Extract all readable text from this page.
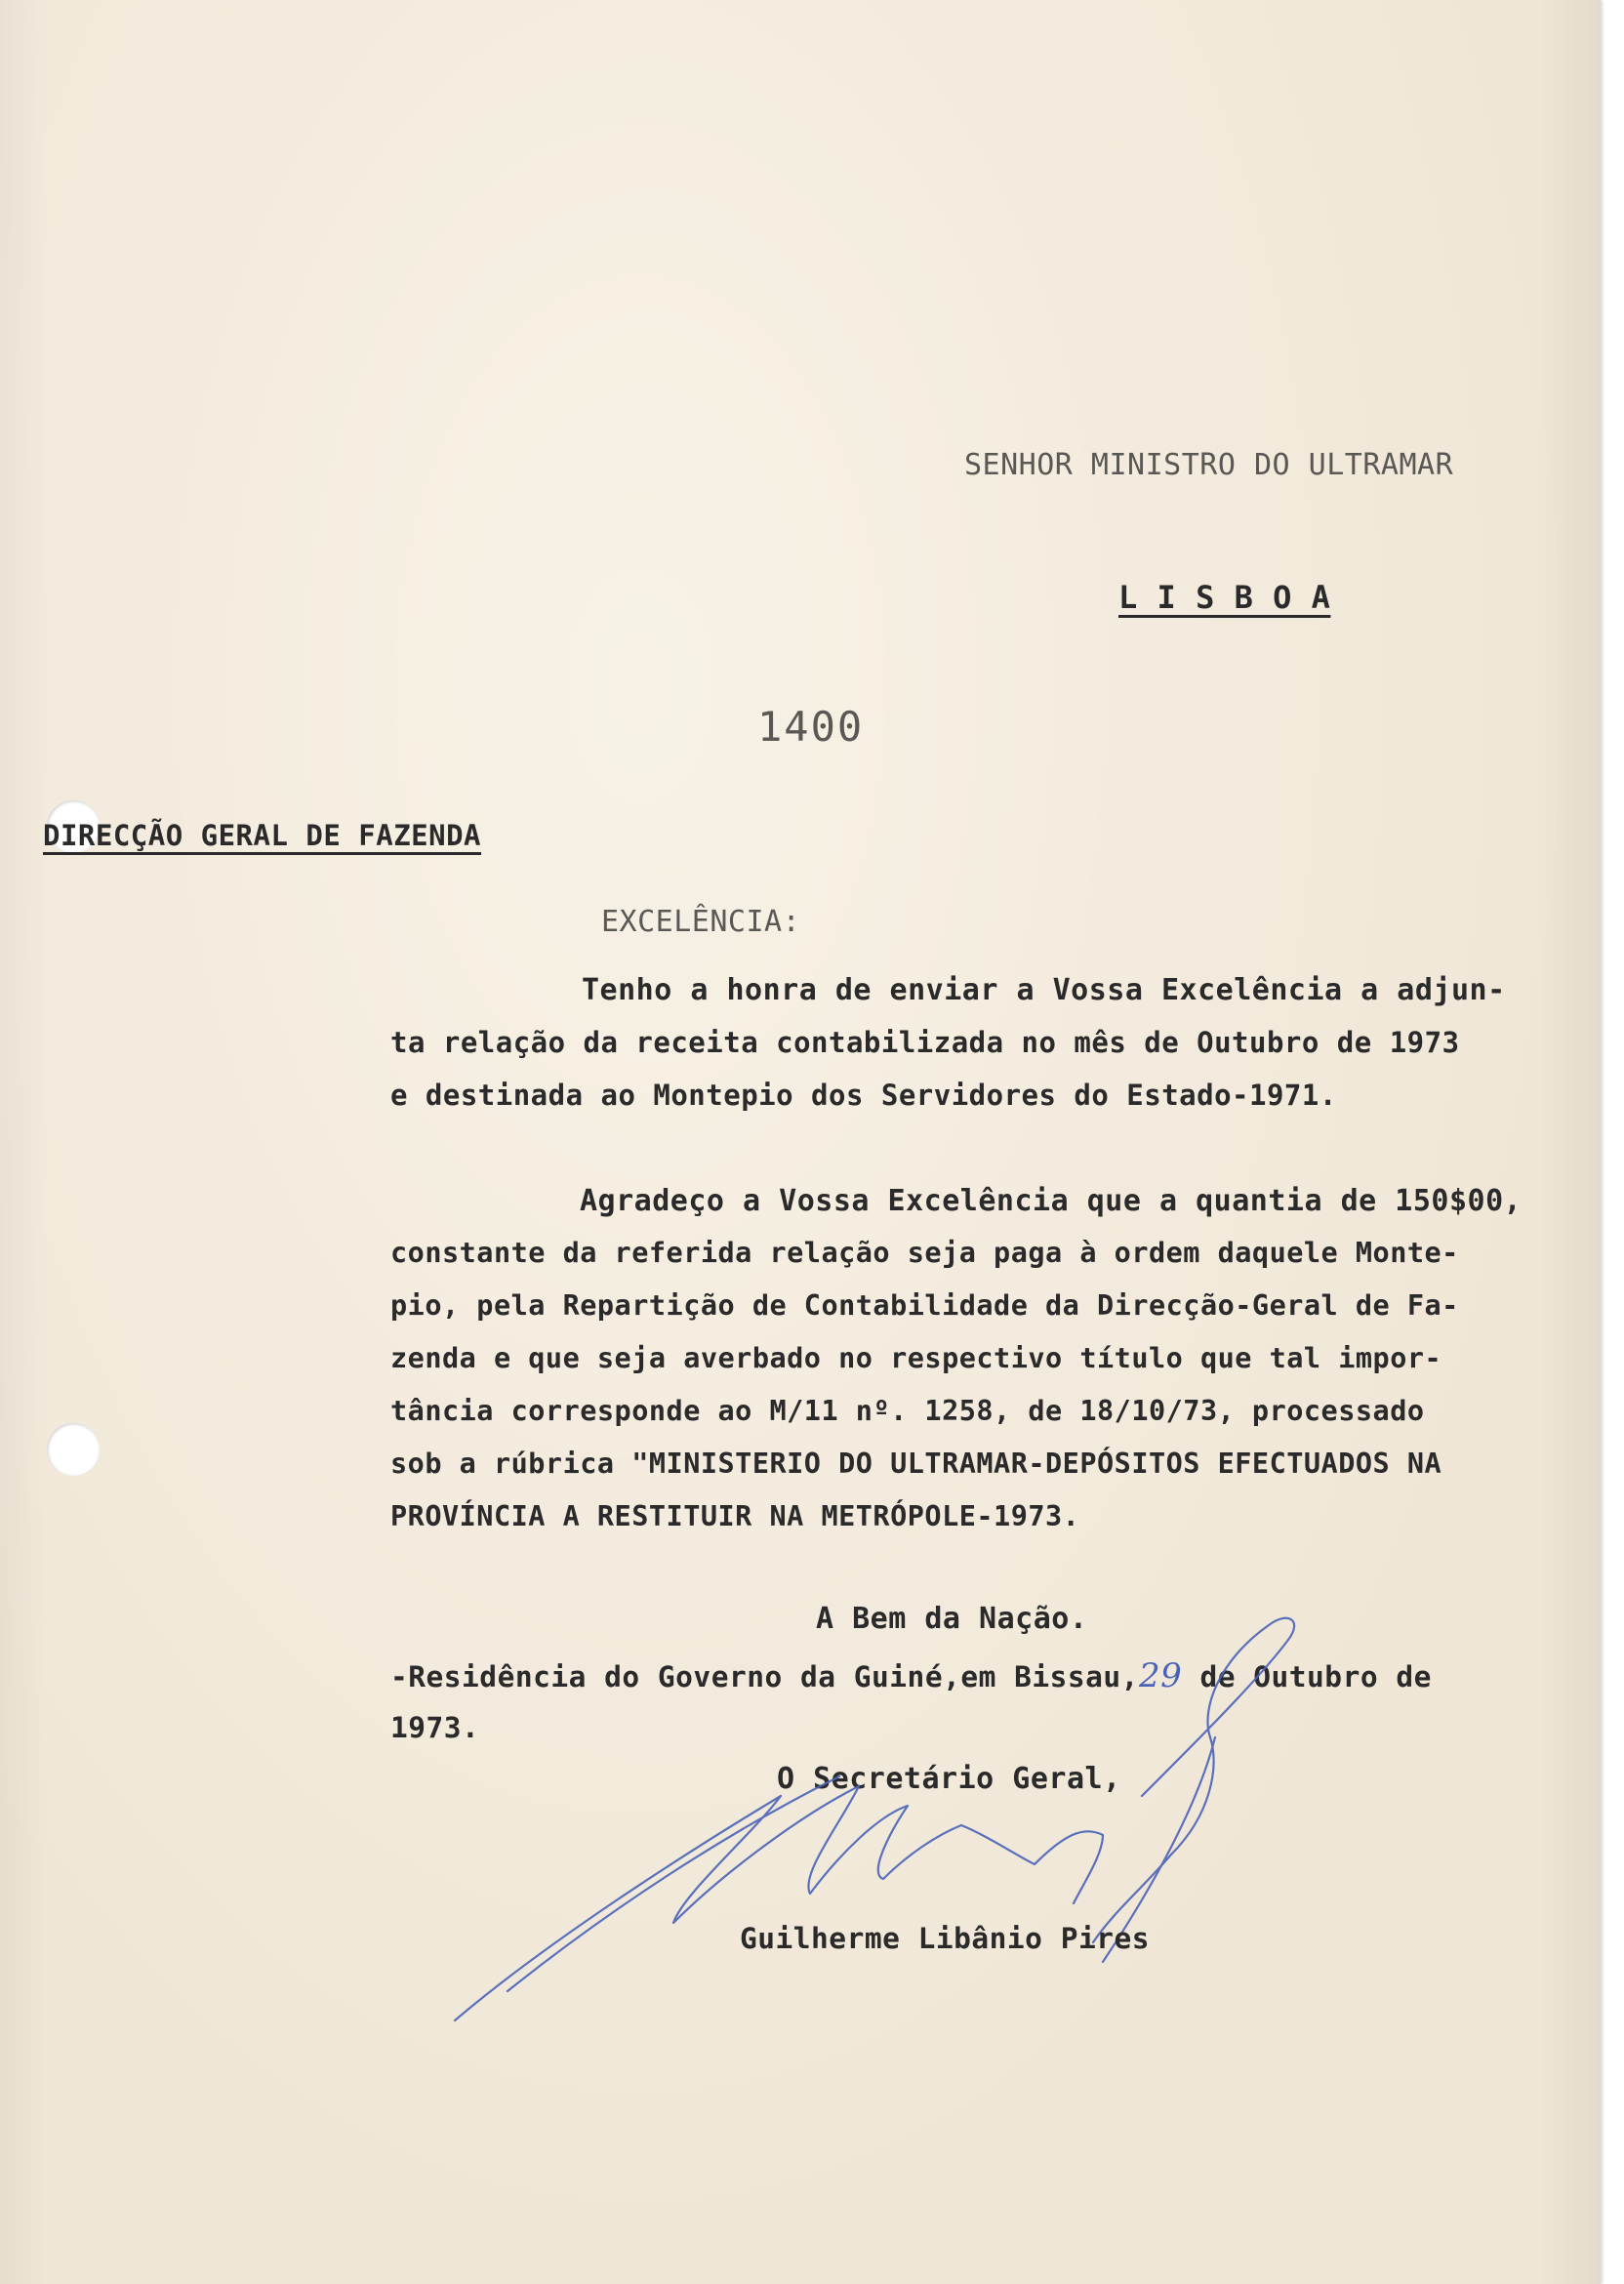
SENHOR MINISTRO DO ULTRAMAR
L I S B O A
1400
DIRECÇÃO GERAL DE FAZENDA
EXCELÊNCIA:
Tenho a honra de enviar a Vossa Excelência a adjun-
ta relação da receita contabilizada no mês de Outubro de 1973
e destinada ao Montepio dos Servidores do Estado-1971.
Agradeço a Vossa Excelência que a quantia de 150$00,
constante da referida relação seja paga à ordem daquele Monte-
pio, pela Repartição de Contabilidade da Direcção-Geral de Fa-
zenda e que seja averbado no respectivo título que tal impor-
tância corresponde ao M/11 nº. 1258, de 18/10/73, processado
sob a rúbrica "MINISTERIO DO ULTRAMAR-DEPÓSITOS EFECTUADOS NA
PROVÍNCIA A RESTITUIR NA METRÓPOLE-1973.
A Bem da Nação.
-Residência do Governo da Guiné,em Bissau,29 de Outubro de
1973.
O Secretário Geral,
Guilherme Libânio Pires
